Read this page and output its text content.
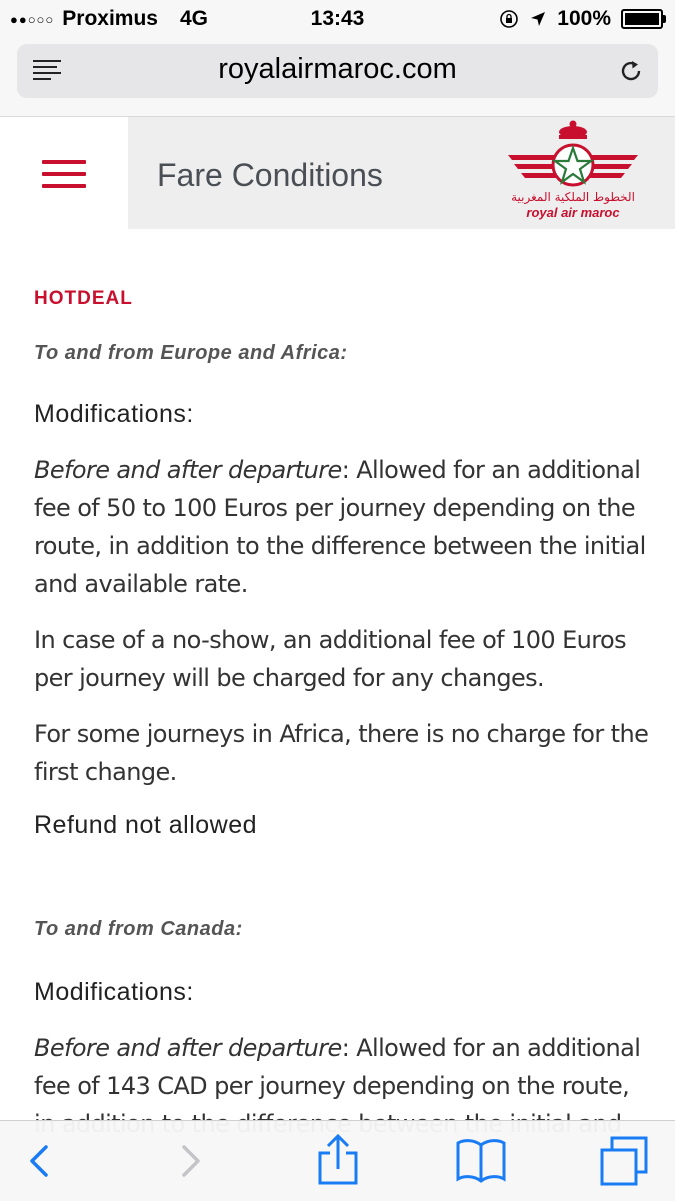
●●○○○ Proximus 4G	13:43	100%
royalairmaroc.com
Fare Conditions
الخطوط الملكية المغربية
royal air maroc
HOTDEAL
To and from Europe and Africa:
Modifications:
Before and after departure: Allowed for an additional fee of 50 to 100 Euros per journey depending on the route, in addition to the difference between the initial and available rate.
In case of a no-show, an additional fee of 100 Euros per journey will be charged for any changes.
For some journeys in Africa, there is no charge for the first change.
Refund not allowed
To and from Canada:
Modifications:
Before and after departure: Allowed for an additional fee of 143 CAD per journey depending on the route,
